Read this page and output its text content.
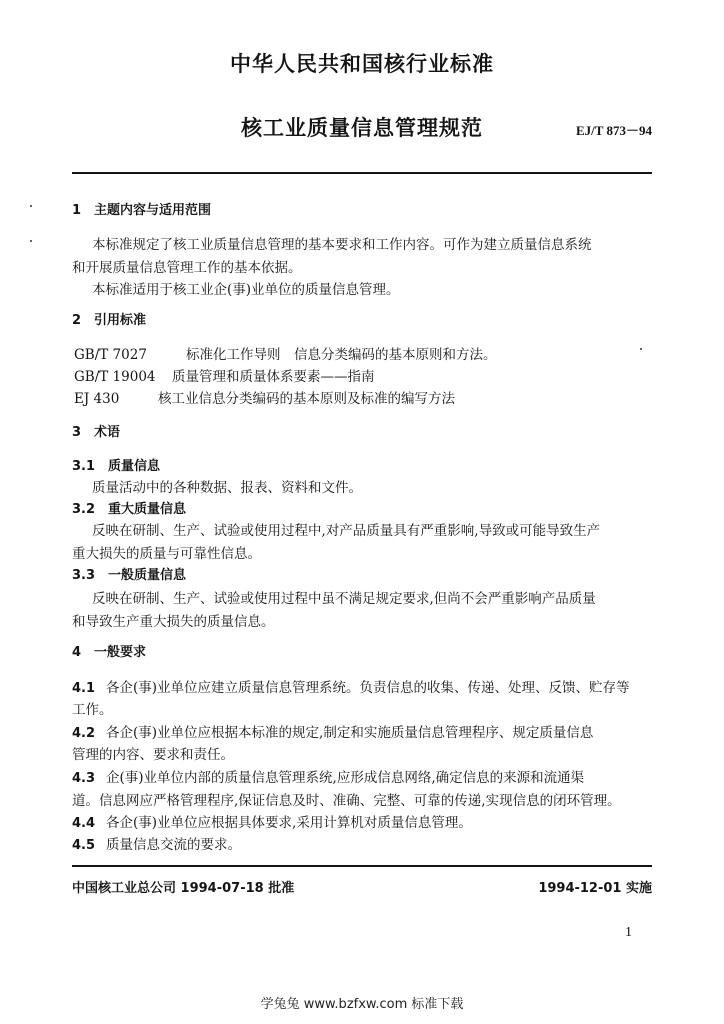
中华人民共和国核行业标准
核工业质量信息管理规范	EJ/T 873－94
1 主题内容与适用范围
本标准规定了核工业质量信息管理的基本要求和工作内容。可作为建立质量信息系统
和开展质量信息管理工作的基本依据。
本标准适用于核工业企(事)业单位的质量信息管理。
2 引用标准
GB/T 7027	标准化工作导则　信息分类编码的基本原则和方法。
GB/T 19004 质量管理和质量体系要素——指南
EJ 430	核工业信息分类编码的基本原则及标准的编写方法
3 术语
3.1 质量信息
质量活动中的各种数据、报表、资料和文件。
3.2 重大质量信息
反映在研制、生产、试验或使用过程中,对产品质量具有严重影响,导致或可能导致生产
重大损失的质量与可靠性信息。
3.3 一般质量信息
反映在研制、生产、试验或使用过程中虽不满足规定要求,但尚不会严重影响产品质量
和导致生产重大损失的质量信息。
4 一般要求
4.1 各企(事)业单位应建立质量信息管理系统。负责信息的收集、传递、处理、反馈、贮存等
工作。
4.2 各企(事)业单位应根据本标准的规定,制定和实施质量信息管理程序、规定质量信息
管理的内容、要求和责任。
4.3 企(事)业单位内部的质量信息管理系统,应形成信息网络,确定信息的来源和流通渠
道。信息网应严格管理程序,保证信息及时、准确、完整、可靠的传递,实现信息的闭环管理。
4.4 各企(事)业单位应根据具体要求,采用计算机对质量信息管理。
4.5 质量信息交流的要求。
中国核工业总公司 1994-07-18 批准	1994-12-01 实施
1
学兔兔 www.bzfxw.com 标准下载
